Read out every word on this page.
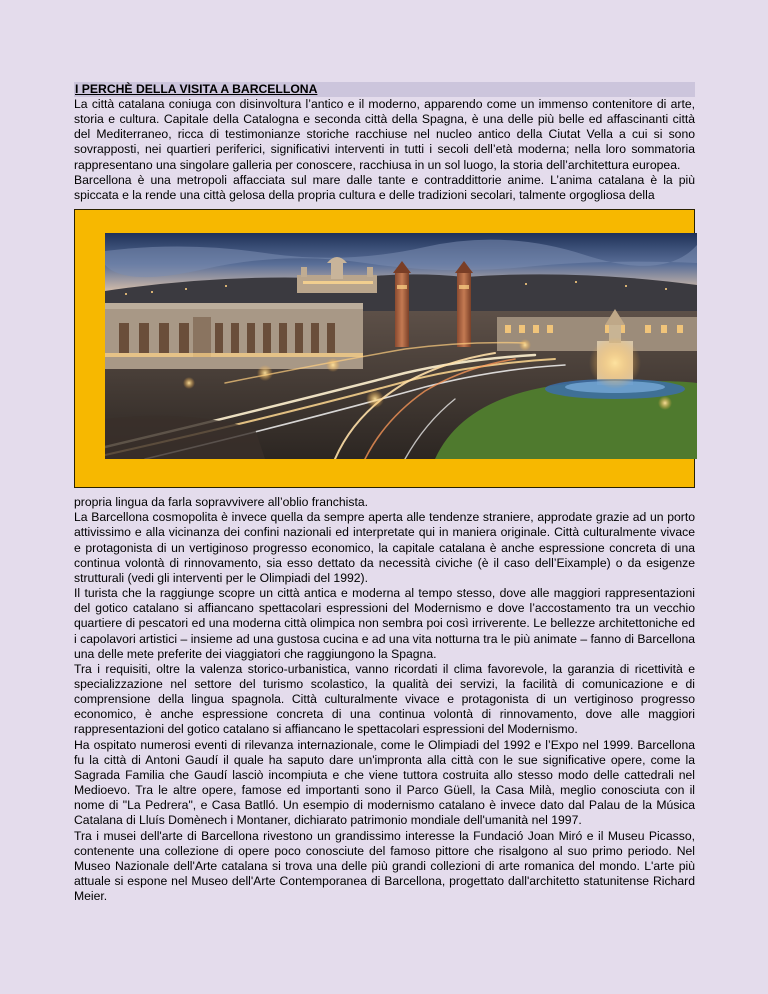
I PERCHÈ DELLA VISITA A BARCELLONA

La città catalana coniuga con disinvoltura l’antico e il moderno, apparendo come un immenso contenitore di arte, storia e cultura. Capitale della Catalogna e seconda città della Spagna, è una delle più belle ed affascinanti città del Mediterraneo, ricca di testimonianze storiche racchiuse nel nucleo antico della Ciutat Vella a cui si sono sovrapposti, nei quartieri periferici, significativi interventi in tutti i secoli dell’età moderna; nella loro sommatoria rappresentano una singolare galleria per conoscere, racchiusa in un sol luogo, la storia dell’architettura europea.

Barcellona è una metropoli affacciata sul mare dalle tante e contraddittorie anime. L’anima catalana è la più spiccata e la rende una città gelosa della propria cultura e delle tradizioni secolari, talmente orgogliosa della

propria lingua da farla sopravvivere all’oblio franchista.

La Barcellona cosmopolita è invece quella da sempre aperta alle tendenze straniere, approdate grazie ad un porto attivissimo e alla vicinanza dei confini nazionali ed interpretate qui in maniera originale. Città culturalmente vivace e protagonista di un vertiginoso progresso economico, la capitale catalana è anche espressione concreta di una continua volontà di rinnovamento, sia esso dettato da necessità civiche (è il caso dell’Eixample) o da esigenze strutturali (vedi gli interventi per le Olimpiadi del 1992).

Il turista che la raggiunge scopre un città antica e moderna al tempo stesso, dove alle maggiori rappresentazioni del gotico catalano si affiancano spettacolari espressioni del Modernismo e dove l’accostamento tra un vecchio quartiere di pescatori ed una moderna città olimpica non sembra poi così irriverente. Le bellezze architettoniche ed i capolavori artistici – insieme ad una gustosa cucina e ad una vita notturna tra le più animate – fanno di Barcellona una delle mete preferite dei viaggiatori che raggiungono la Spagna.

Tra i requisiti, oltre la valenza storico-urbanistica, vanno ricordati il clima favorevole, la garanzia di ricettività e specializzazione nel settore del turismo scolastico, la qualità dei servizi, la facilità di comunicazione e di comprensione della lingua spagnola. Città culturalmente vivace e protagonista di un vertiginoso progresso economico, è anche espressione concreta di una continua volontà di rinnovamento, dove alle maggiori rappresentazioni del gotico catalano si affiancano le spettacolari espressioni del Modernismo.

Ha ospitato numerosi eventi di rilevanza internazionale, come le Olimpiadi del 1992 e l’Expo nel 1999. Barcellona fu la città di Antoni Gaudí il quale ha saputo dare un'impronta alla città con le sue significative opere, come la Sagrada Familia che Gaudí lasciò incompiuta e che viene tuttora costruita allo stesso modo delle cattedrali nel Medioevo. Tra le altre opere, famose ed importanti sono il Parco Güell, la Casa Milà, meglio conosciuta con il nome di "La Pedrera", e Casa Batlló. Un esempio di modernismo catalano è invece dato dal Palau de la Música Catalana di Lluís Domènech i Montaner, dichiarato patrimonio mondiale dell'umanità nel 1997.

Tra i musei dell'arte di Barcellona rivestono un grandissimo interesse la Fundació Joan Miró e il Museu Picasso, contenente una collezione di opere poco conosciute del famoso pittore che risalgono al suo primo periodo. Nel Museo Nazionale dell'Arte catalana si trova una delle più grandi collezioni di arte romanica del mondo. L'arte più attuale si espone nel Museo dell'Arte Contemporanea di Barcellona, progettato dall'architetto statunitense Richard Meier.
